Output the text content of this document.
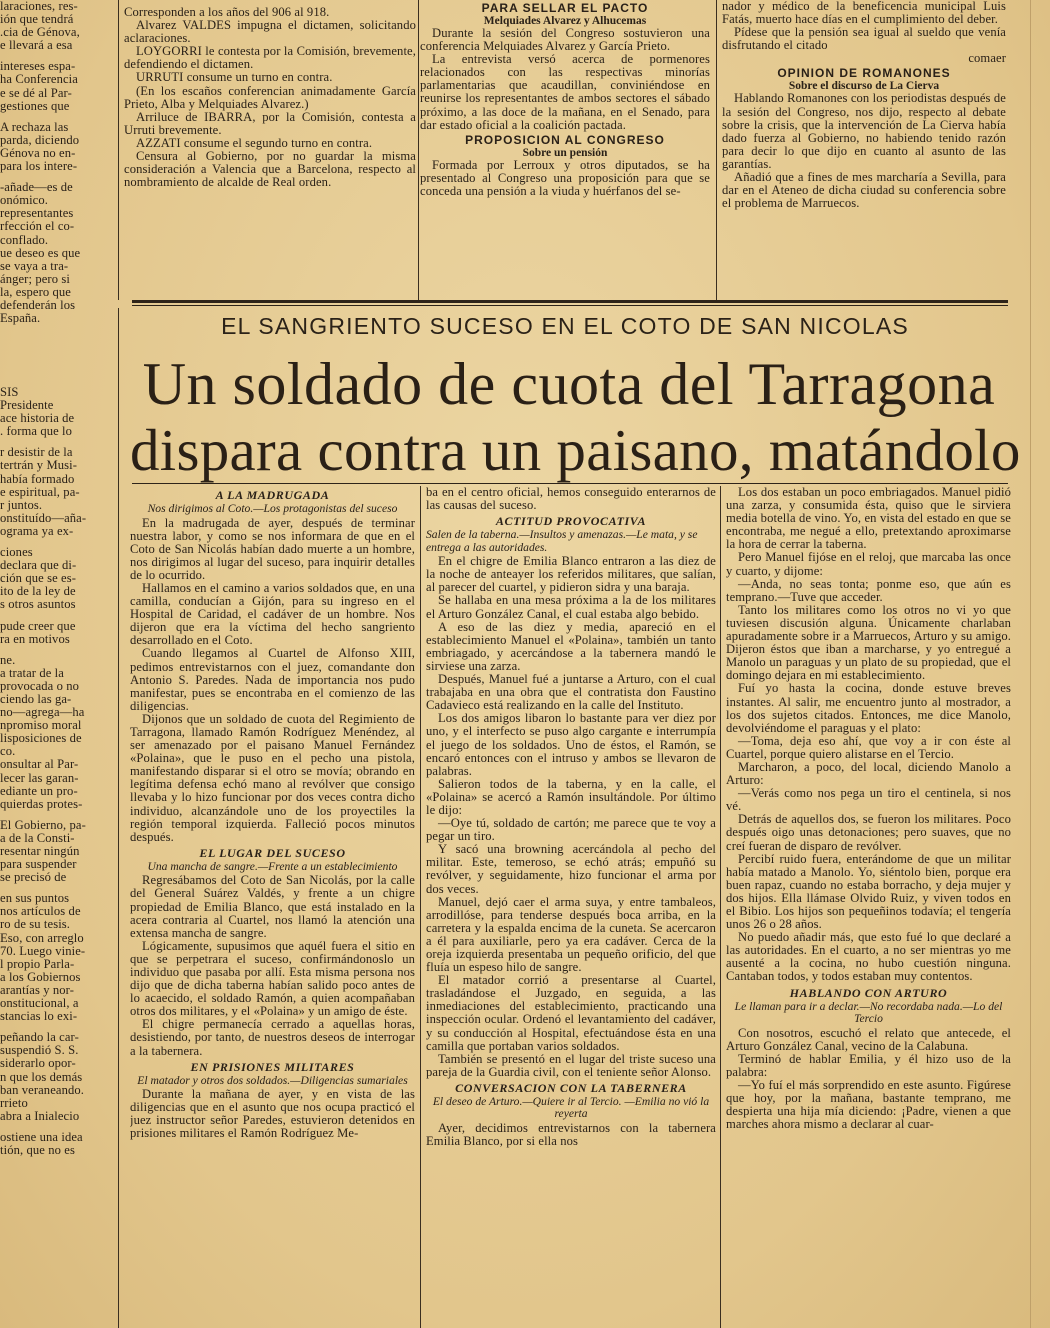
laraciones, res-

ión que tendrá

.cia de Génova,

e llevará a esa

intereses espa-

ha Conferencia

e se dé al Par-

gestiones que

A rechaza las

parda, diciendo

Génova no en-

para los intere-

-añade—es de

onómico.

representantes

rfección el co-

conflado.

ue deseo es que

se vaya a tra-

ánger; pero si

la, espero que

defenderán los

España.

Corresponden a los años del 906 al 918.

Alvarez VALDES impugna el dictamen, solicitando aclaraciones.

LOYGORRI le contesta por la Comisión, brevemente, defendiendo el dictamen.

URRUTI consume un turno en contra.

(En los escaños conferencian animadamente García Prieto, Alba y Melquiades Alvarez.)

Arriluce de IBARRA, por la Comisión, contesta a Urruti brevemente.

AZZATI consume el segundo turno en contra.

Censura al Gobierno, por no guardar la misma consideración a Valencia que a Barcelona, respecto al nombramiento de alcalde de Real orden.

PARA SELLAR EL PACTO
Melquiades Alvarez y Alhucemas

Durante la sesión del Congreso sostuvieron una conferencia Melquiades Alvarez y García Prieto.

La entrevista versó acerca de pormenores relacionados con las respectivas minorías parlamentarias que acaudillan, conviniéndose en reunirse los representantes de ambos sectores el sábado próximo, a las doce de la mañana, en el Senado, para dar estado oficial a la coalición pactada.

PROPOSICION AL CONGRESO
Sobre un pensión

Formada por Lerroux y otros diputados, se ha presentado al Congreso una proposición para que se conceda una pensión a la viuda y huérfanos del se-

nador y médico de la beneficencia municipal Luis Fatás, muerto hace días en el cumplimiento del deber.

Pídese que la pensión sea igual al sueldo que venía disfrutando el citado

comaer

OPINION DE ROMANONES
Sobre el discurso de La Cierva

Hablando Romanones con los periodistas después de la sesión del Congreso, nos dijo, respecto al debate sobre la crisis, que la intervención de La Cierva había dado fuerza al Gobierno, no habiendo tenido razón para decir lo que dijo en cuanto al asunto de las garantías.

Añadió que a fines de mes marcharía a Sevilla, para dar en el Ateneo de dicha ciudad su conferencia sobre el problema de Marruecos.

EL SANGRIENTO SUCESO EN EL COTO DE SAN NICOLAS
Un soldado de cuota del Tarragona
dispara contra un paisano, matándolo

SIS

Presidente

ace historia de

. forma que lo

r desistir de la

tertrán y Musi-

había formado

e espiritual, pa-

r juntos.

onstituído—aña-

ograma ya ex-

ciones

declara que di-

ción que se es-

ito de la ley de

s otros asuntos

pude creer que

ra en motivos

ne.

a tratar de la

provocada o no

ciendo las ga-

no—agrega—ha

npromiso moral

lisposiciones de

co.

onsultar al Par-

lecer las garan-

ediante un pro-

quierdas protes-

El Gobierno, pa-

a de la Consti-

resentar ningún

para suspender

se precisó de

en sus puntos

nos artículos de

ro de su tesis.

Eso, con arreglo

70. Luego vinie-

l propio Parla-

a los Gobiernos

arantías y nor-

onstitucional, a

stancias lo exi-

peñando la car-

suspendió S. S.

siderarlo opor-

n que los demás

ban veraneando.

rrieto

abra a Inialecio

ostiene una idea

tión, que no es

A LA MADRUGADA
Nos dirigimos al Coto.—Los protagonistas del suceso

En la madrugada de ayer, después de terminar nuestra labor, y como se nos informara de que en el Coto de San Nicolás habían dado muerte a un hombre, nos dirigimos al lugar del suceso, para inquirir detalles de lo ocurrido.

Hallamos en el camino a varios soldados que, en una camilla, conducían a Gijón, para su ingreso en el Hospital de Caridad, el cadáver de un hombre. Nos dijeron que era la víctima del hecho sangriento desarrollado en el Coto.

Cuando llegamos al Cuartel de Alfonso XIII, pedimos entrevistarnos con el juez, comandante don Antonio S. Paredes. Nada de importancia nos pudo manifestar, pues se encontraba en el comienzo de las diligencias.

Dijonos que un soldado de cuota del Regimiento de Tarragona, llamado Ramón Rodríguez Menéndez, al ser amenazado por el paisano Manuel Fernández «Polaina», que le puso en el pecho una pistola, manifestando disparar si el otro se movía; obrando en legítima defensa echó mano al revólver que consigo llevaba y lo hizo funcionar por dos veces contra dicho individuo, alcanzándole uno de los proyectiles la región temporal izquierda. Falleció pocos minutos después.

EL LUGAR DEL SUCESO
Una mancha de sangre.—Frente a un establecimiento

Regresábamos del Coto de San Nicolás, por la calle del General Suárez Valdés, y frente a un chigre propiedad de Emilia Blanco, que está instalado en la acera contraria al Cuartel, nos llamó la atención una extensa mancha de sangre.

Lógicamente, supusimos que aquél fuera el sitio en que se perpetrara el suceso, confirmándonoslo un individuo que pasaba por allí. Esta misma persona nos dijo que de dicha taberna habían salido poco antes de lo acaecido, el soldado Ramón, a quien acompañaban otros dos militares, y el «Polaina» y un amigo de éste.

El chigre permanecía cerrado a aquellas horas, desistiendo, por tanto, de nuestros deseos de interrogar a la tabernera.

EN PRISIONES MILITARES
El matador y otros dos soldados.—Diligencias sumariales

Durante la mañana de ayer, y en vista de las diligencias que en el asunto que nos ocupa practicó el juez instructor señor Paredes, estuvieron detenidos en prisiones militares el Ramón Rodríguez Me-

ba en el centro oficial, hemos conseguido enterarnos de las causas del suceso.

ACTITUD PROVOCATIVA
Salen de la taberna.—Insultos y amenazas.—Le mata, y se entrega a las autoridades.

En el chigre de Emilia Blanco entraron a las diez de la noche de anteayer los referidos militares, que salían, al parecer del cuartel, y pidieron sidra y una baraja.

Se hallaba en una mesa próxima a la de los militares el Arturo González Canal, el cual estaba algo bebido.

A eso de las diez y media, apareció en el establecimiento Manuel el «Polaina», también un tanto embriagado, y acercándose a la tabernera mandó le sirviese una zarza.

Después, Manuel fué a juntarse a Arturo, con el cual trabajaba en una obra que el contratista don Faustino Cadavieco está realizando en la calle del Instituto.

Los dos amigos libaron lo bastante para ver diez por uno, y el interfecto se puso algo cargante e interrumpía el juego de los soldados. Uno de éstos, el Ramón, se encaró entonces con el intruso y ambos se llevaron de palabras.

Salieron todos de la taberna, y en la calle, el «Polaina» se acercó a Ramón insultándole. Por último le dijo:

—Oye tú, soldado de cartón; me parece que te voy a pegar un tiro.

Y sacó una browning acercándola al pecho del militar. Este, temeroso, se echó atrás; empuñó su revólver, y seguidamente, hizo funcionar el arma por dos veces.

Manuel, dejó caer el arma suya, y entre tambaleos, arrodillóse, para tenderse después boca arriba, en la carretera y la espalda encima de la cuneta. Se acercaron a él para auxiliarle, pero ya era cadáver. Cerca de la oreja izquierda presentaba un pequeño orificio, del que fluía un espeso hilo de sangre.

El matador corrió a presentarse al Cuartel, trasladándose el Juzgado, en seguida, a las inmediaciones del establecimiento, practicando una inspección ocular. Ordenó el levantamiento del cadáver, y su conducción al Hospital, efectuándose ésta en una camilla que portaban varios soldados.

También se presentó en el lugar del triste suceso una pareja de la Guardia civil, con el teniente señor Alonso.

CONVERSACION CON LA TABERNERA
El deseo de Arturo.—Quiere ir al Tercio. —Emilia no vió la reyerta

Ayer, decidimos entrevistarnos con la tabernera Emilia Blanco, por si ella nos

Los dos estaban un poco embriagados. Manuel pidió una zarza, y consumida ésta, quiso que le sirviera media botella de vino. Yo, en vista del estado en que se encontraba, me negué a ello, pretextando aproximarse la hora de cerrar la taberna.

Pero Manuel fijóse en el reloj, que marcaba las once y cuarto, y dijome:

—Anda, no seas tonta; ponme eso, que aún es temprano.—Tuve que acceder.

Tanto los militares como los otros no vi yo que tuviesen discusión alguna. Únicamente charlaban apuradamente sobre ir a Marruecos, Arturo y su amigo. Dijeron éstos que iban a marcharse, y yo entregué a Manolo un paraguas y un plato de su propiedad, que el domingo dejara en mi establecimiento.

Fuí yo hasta la cocina, donde estuve breves instantes. Al salir, me encuentro junto al mostrador, a los dos sujetos citados. Entonces, me dice Manolo, devolviéndome el paraguas y el plato:

—Toma, deja eso ahí, que voy a ir con éste al Cuartel, porque quiero alistarse en el Tercio.

Marcharon, a poco, del local, diciendo Manolo a Arturo:

—Verás como nos pega un tiro el centinela, si nos vé.

Detrás de aquellos dos, se fueron los militares. Poco después oigo unas detonaciones; pero suaves, que no creí fueran de disparo de revólver.

Percibí ruido fuera, enterándome de que un militar había matado a Manolo. Yo, siéntolo bien, porque era buen rapaz, cuando no estaba borracho, y deja mujer y dos hijos. Ella llámase Olvido Ruiz, y viven todos en el Bibio. Los hijos son pequeñinos todavía; el tengería unos 26 o 28 años.

No puedo añadir más, que esto fué lo que declaré a las autoridades. En el cuarto, a no ser mientras yo me ausenté a la cocina, no hubo cuestión ninguna. Cantaban todos, y todos estaban muy contentos.

HABLANDO CON ARTURO
Le llaman para ir a declar.—No recordaba nada.—Lo del Tercio

Con nosotros, escuchó el relato que antecede, el Arturo González Canal, vecino de la Calabuna.

Terminó de hablar Emilia, y él hizo uso de la palabra:

—Yo fuí el más sorprendido en este asunto. Figúrese que hoy, por la mañana, bastante temprano, me despierta una hija mía diciendo: ¡Padre, vienen a que marches ahora mismo a declarar al cuar-
